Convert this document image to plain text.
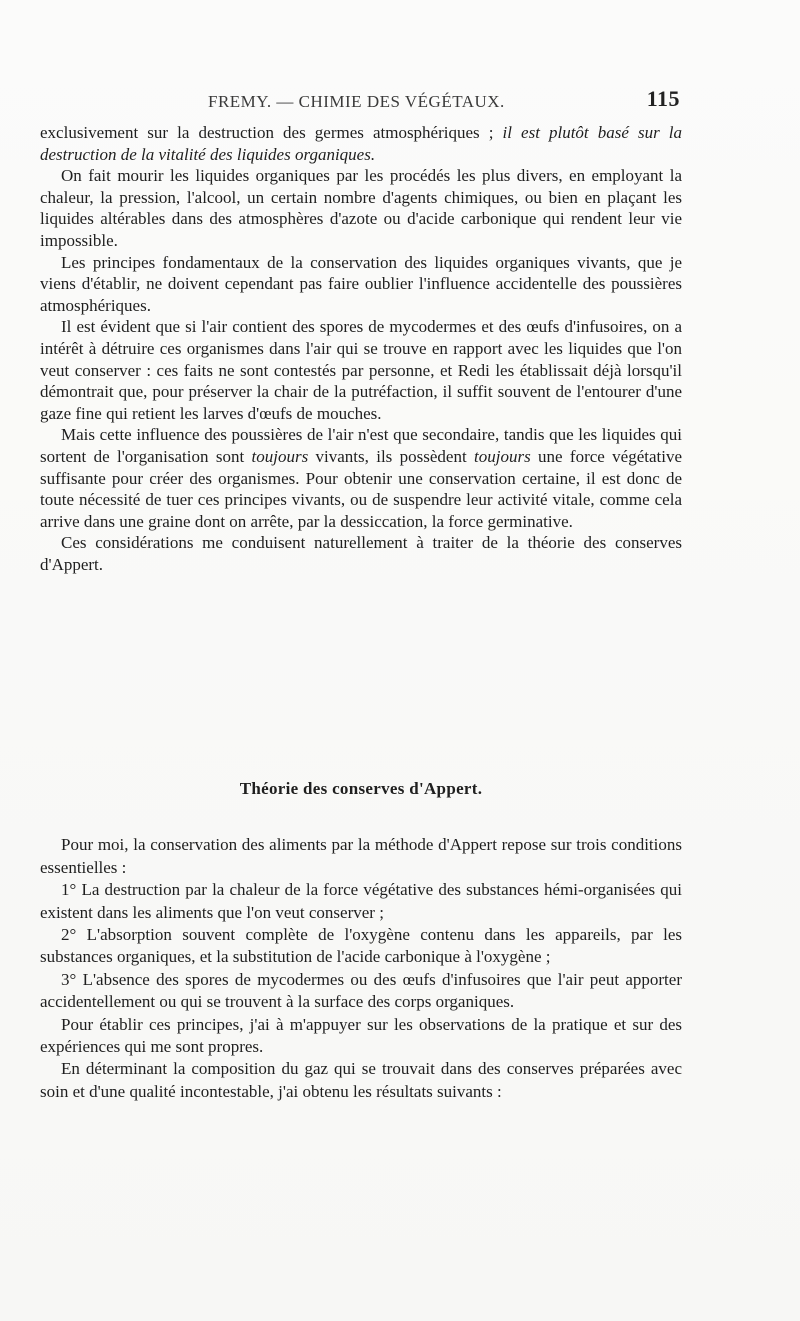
FREMY. — CHIMIE DES VÉGÉTAUX.	115

exclusivement sur la destruction des germes atmosphériques ; il est plutôt basé sur la destruction de la vitalité des liquides organiques.

On fait mourir les liquides organiques par les procédés les plus divers, en employant la chaleur, la pression, l'alcool, un certain nombre d'agents chimiques, ou bien en plaçant les liquides altérables dans des atmosphères d'azote ou d'acide carbonique qui rendent leur vie impossible.

Les principes fondamentaux de la conservation des liquides organiques vivants, que je viens d'établir, ne doivent cependant pas faire oublier l'influence accidentelle des poussières atmosphériques.

Il est évident que si l'air contient des spores de mycodermes et des œufs d'infusoires, on a intérêt à détruire ces organismes dans l'air qui se trouve en rapport avec les liquides que l'on veut conserver : ces faits ne sont contestés par personne, et Redi les établissait déjà lorsqu'il démontrait que, pour préserver la chair de la putréfaction, il suffit souvent de l'entourer d'une gaze fine qui retient les larves d'œufs de mouches.

Mais cette influence des poussières de l'air n'est que secondaire, tandis que les liquides qui sortent de l'organisation sont toujours vivants, ils possèdent toujours une force végétative suffisante pour créer des organismes. Pour obtenir une conservation certaine, il est donc de toute nécessité de tuer ces principes vivants, ou de suspendre leur activité vitale, comme cela arrive dans une graine dont on arrête, par la dessiccation, la force germinative.

Ces considérations me conduisent naturellement à traiter de la théorie des conserves d'Appert.

Théorie des conserves d'Appert.

Pour moi, la conservation des aliments par la méthode d'Appert repose sur trois conditions essentielles :

1° La destruction par la chaleur de la force végétative des substances hémi-organisées qui existent dans les aliments que l'on veut conserver ;

2° L'absorption souvent complète de l'oxygène contenu dans les appareils, par les substances organiques, et la substitution de l'acide carbonique à l'oxygène ;

3° L'absence des spores de mycodermes ou des œufs d'infusoires que l'air peut apporter accidentellement ou qui se trouvent à la surface des corps organiques.

Pour établir ces principes, j'ai à m'appuyer sur les observations de la pratique et sur des expériences qui me sont propres.

En déterminant la composition du gaz qui se trouvait dans des conserves préparées avec soin et d'une qualité incontestable, j'ai obtenu les résultats suivants :
